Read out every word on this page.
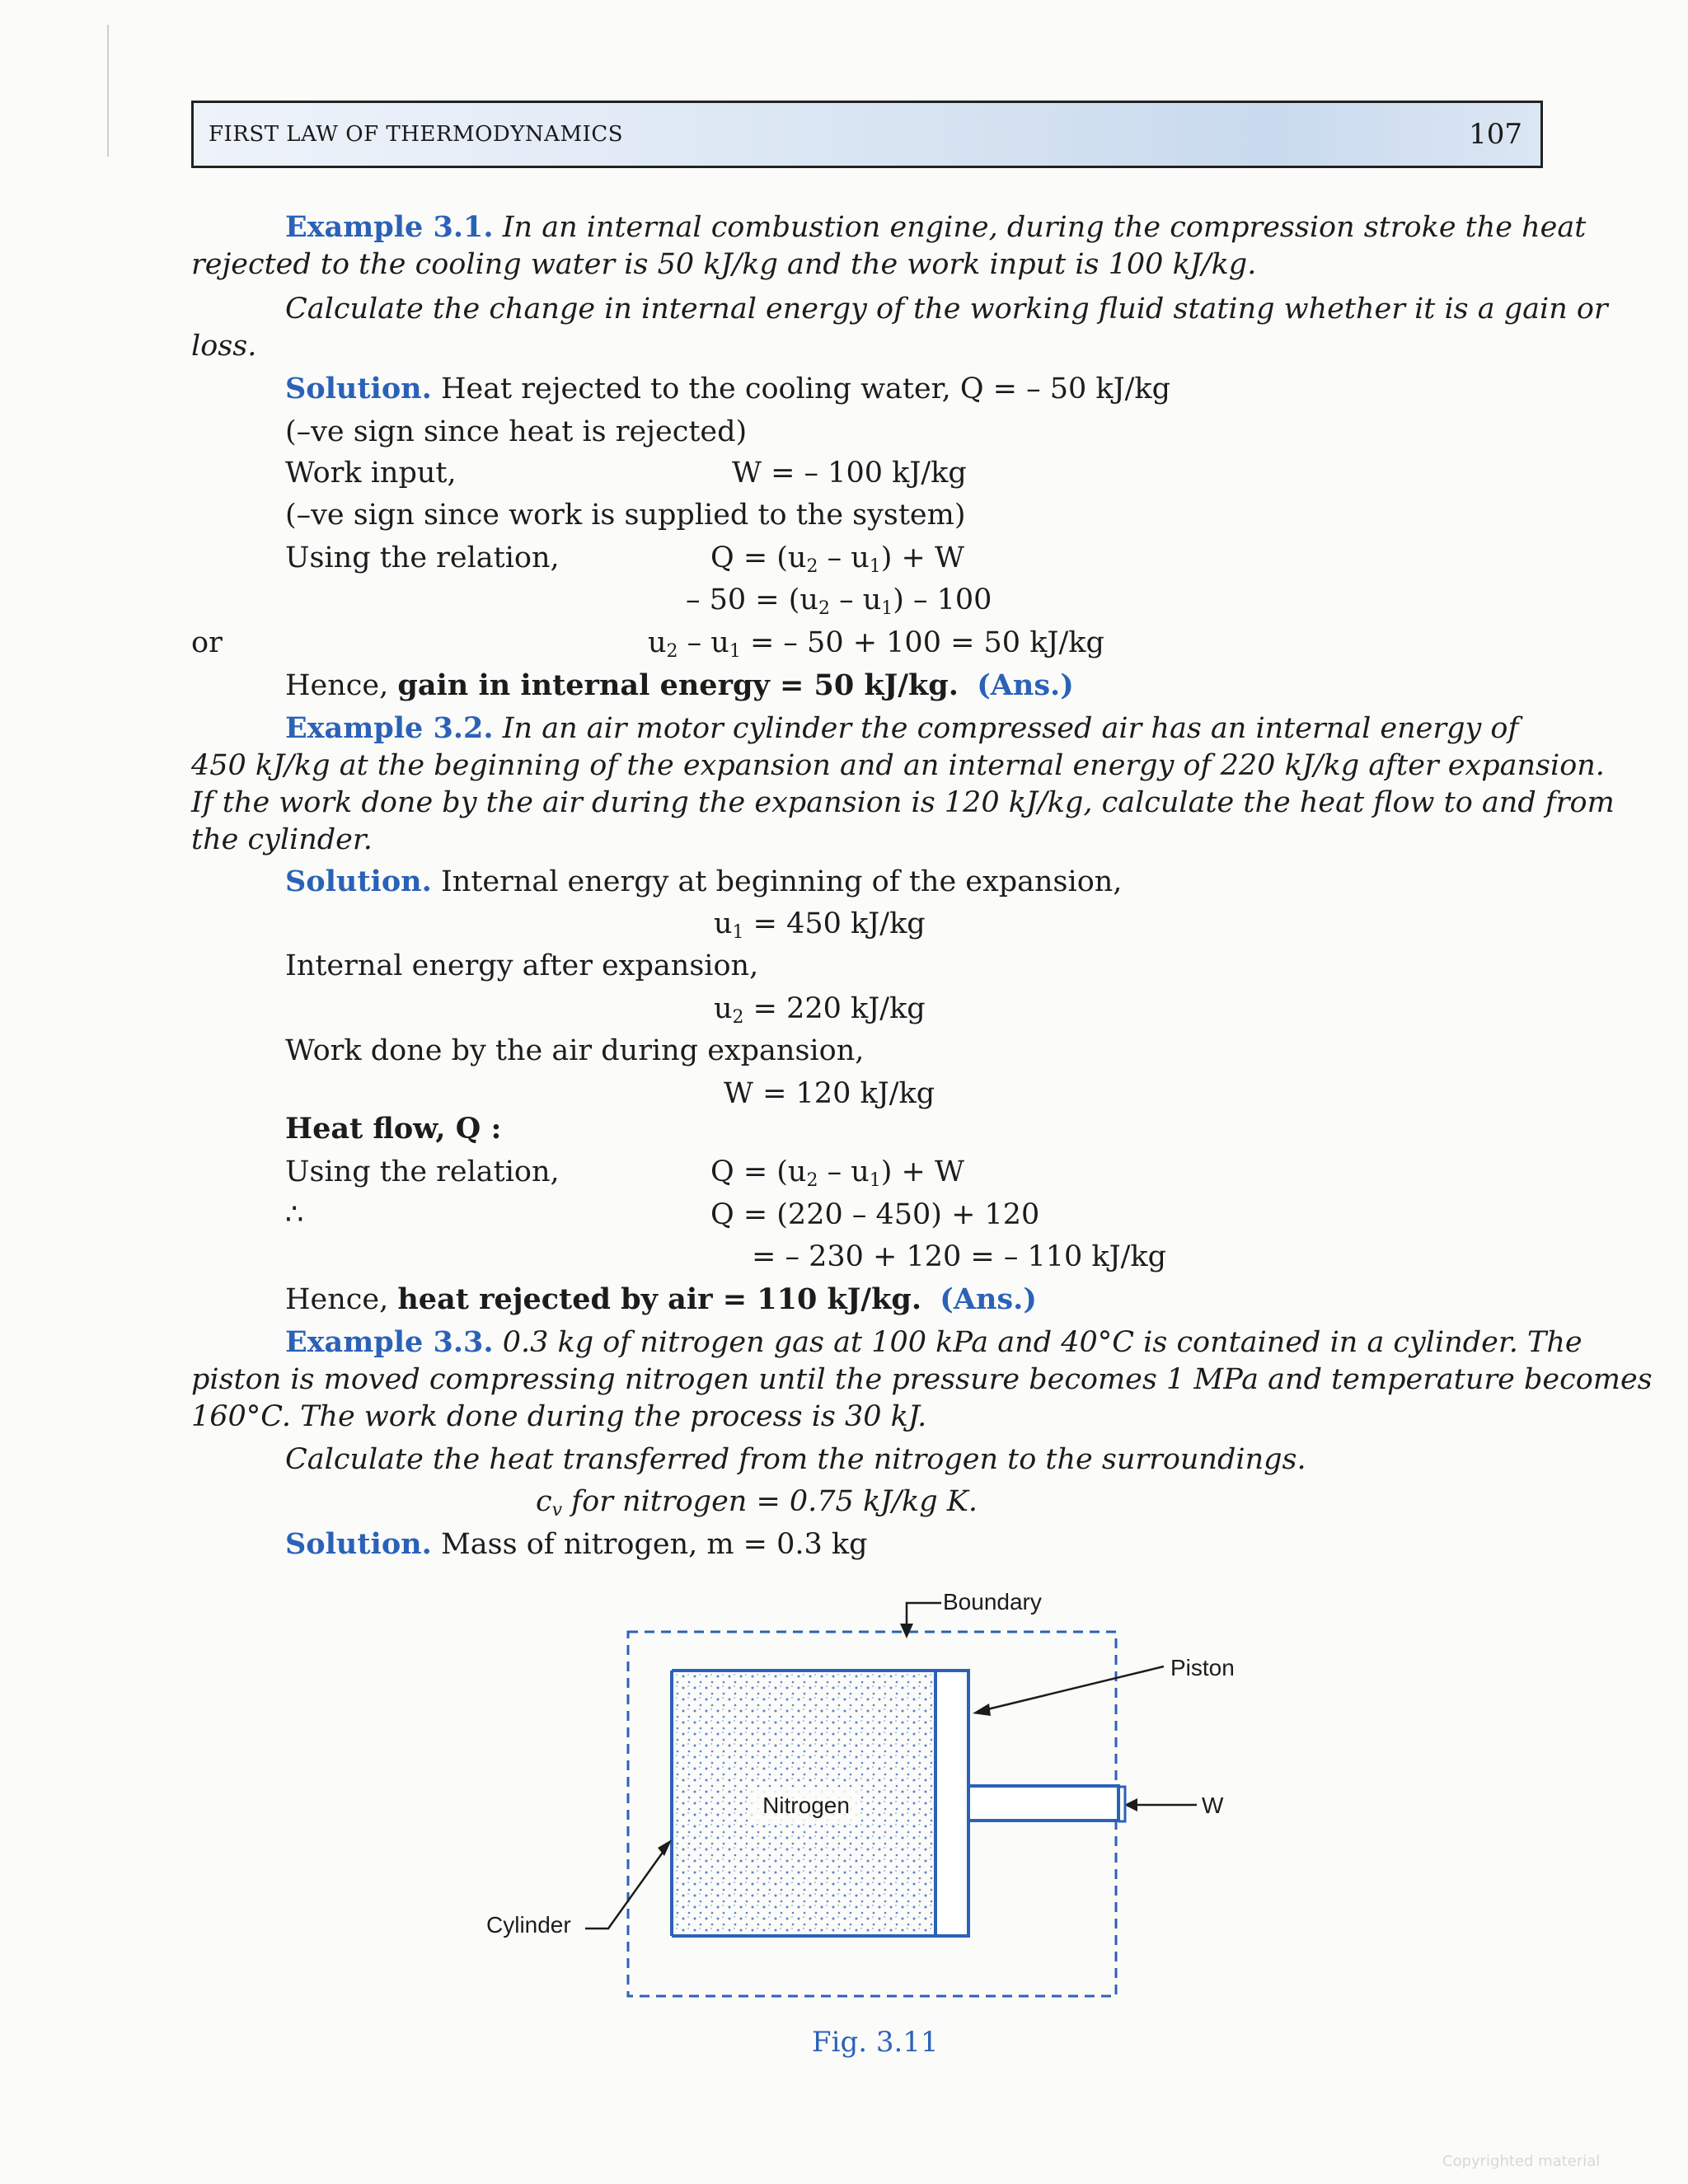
FIRST LAW OF THERMODYNAMICS	107
Example 3.1. In an internal combustion engine, during the compression stroke the heat
rejected to the cooling water is 50 kJ/kg and the work input is 100 kJ/kg.
Calculate the change in internal energy of the working fluid stating whether it is a gain or
loss.
Solution. Heat rejected to the cooling water, Q = – 50 kJ/kg
(–ve sign since heat is rejected)
Work input,	W = – 100 kJ/kg
(–ve sign since work is supplied to the system)
Using the relation,	$Q = (u_2 - u_1) + W$
– $50 = (u_2 - u_1) - 100$
or	$u_2 - u_1$ = – 50 + 100 = 50 kJ/kg
Hence, gain in internal energy = 50 kJ/kg. (Ans.)
Example 3.2. In an air motor cylinder the compressed air has an internal energy of
450 kJ/kg at the beginning of the expansion and an internal energy of 220 kJ/kg after expansion.
If the work done by the air during the expansion is 120 kJ/kg, calculate the heat flow to and from
the cylinder.
Solution. Internal energy at beginning of the expansion,
$u_1 = 450$ kJ/kg
Internal energy after expansion,
$u_2 = 220$ kJ/kg
Work done by the air during expansion,
W = 120 kJ/kg
Heat flow, Q :
Using the relation,	$Q = (u_2 - u_1) + W$
∴	Q = (220 – 450) + 120
= – 230 + 120 = – 110 kJ/kg
Hence, heat rejected by air = 110 kJ/kg. (Ans.)
Example 3.3. 0.3 kg of nitrogen gas at 100 kPa and 40°C is contained in a cylinder. The
piston is moved compressing nitrogen until the pressure becomes 1 MPa and temperature becomes
160°C. The work done during the process is 30 kJ.
Calculate the heat transferred from the nitrogen to the surroundings.
$c_v$ for nitrogen = 0.75 kJ/kg K.
Solution. Mass of nitrogen, m = 0.3 kg
Nitrogen
Boundary
Piston
W
Cylinder
Fig. 3.11
Copyrighted material
